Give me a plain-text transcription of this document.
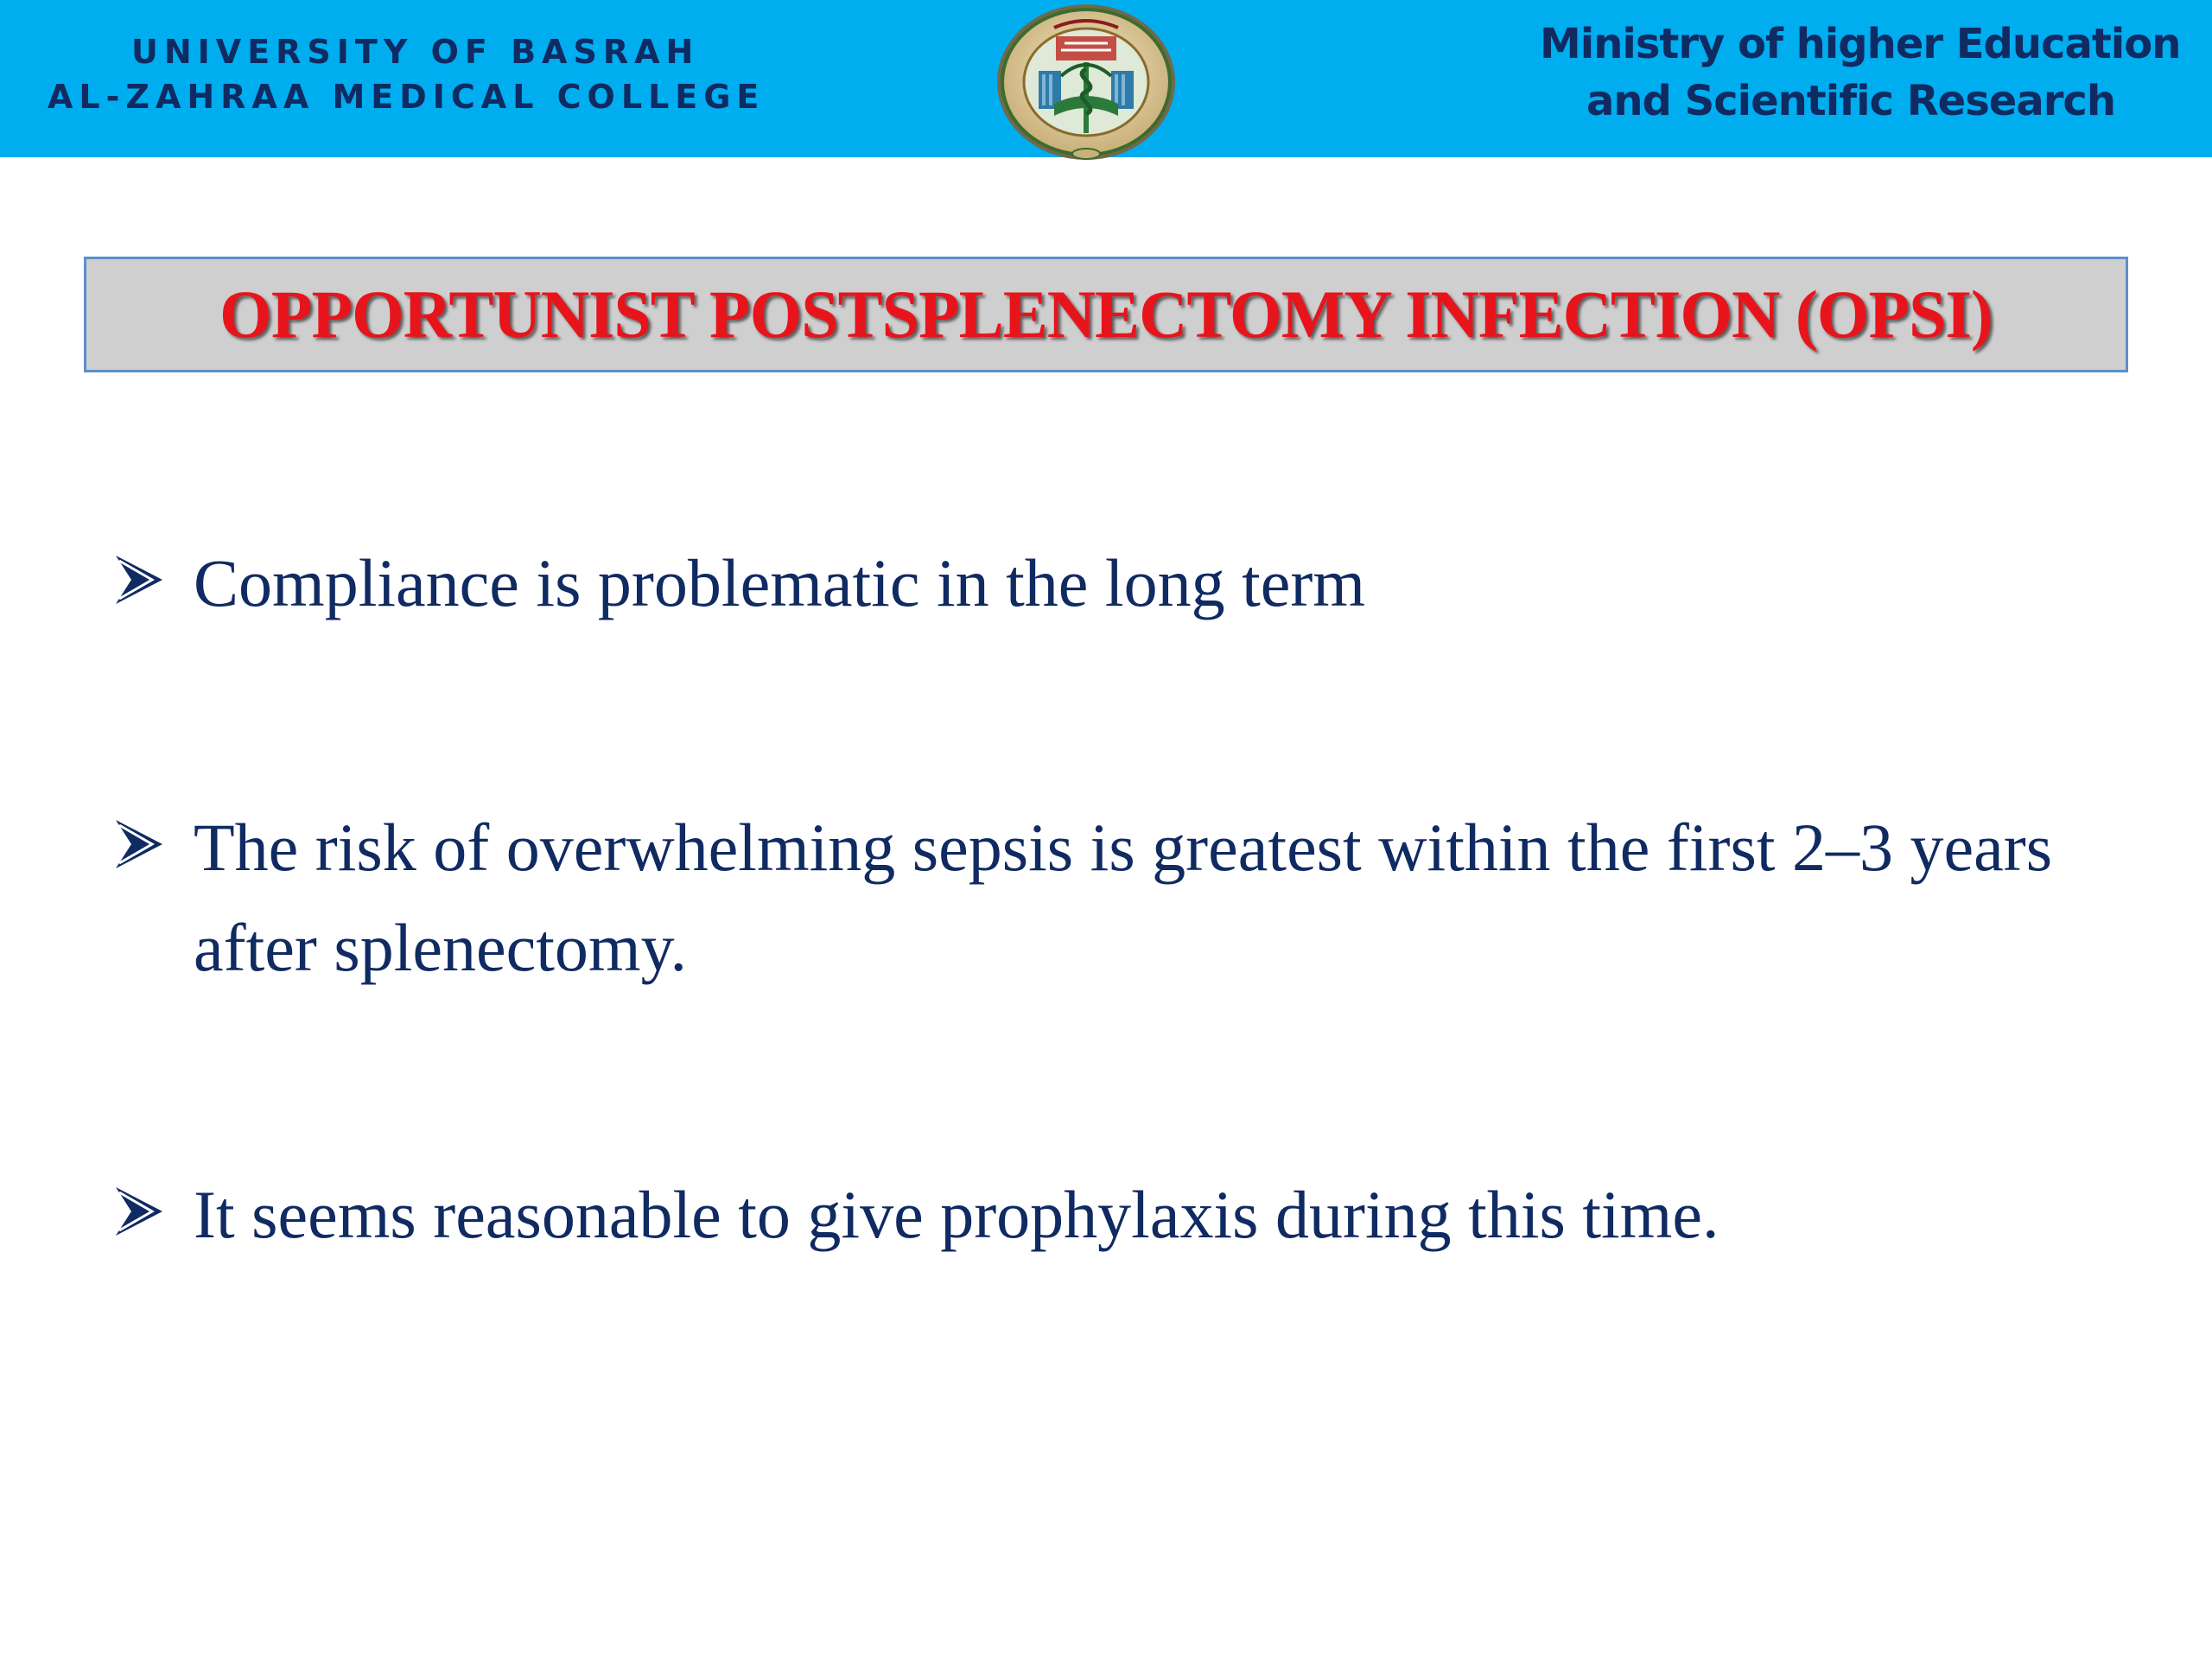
UNIVERSITY OF BASRAH
AL-ZAHRAA MEDICAL COLLEGE
Ministry of higher Education
and Scientific Research
OPPORTUNIST POSTSPLENECTOMY INFECTION (OPSI)
Compliance is problematic in the long term
The risk of overwhelming sepsis is greatest within the first 2–3 years after splenectomy.
It seems reasonable to give prophylaxis during this time.
